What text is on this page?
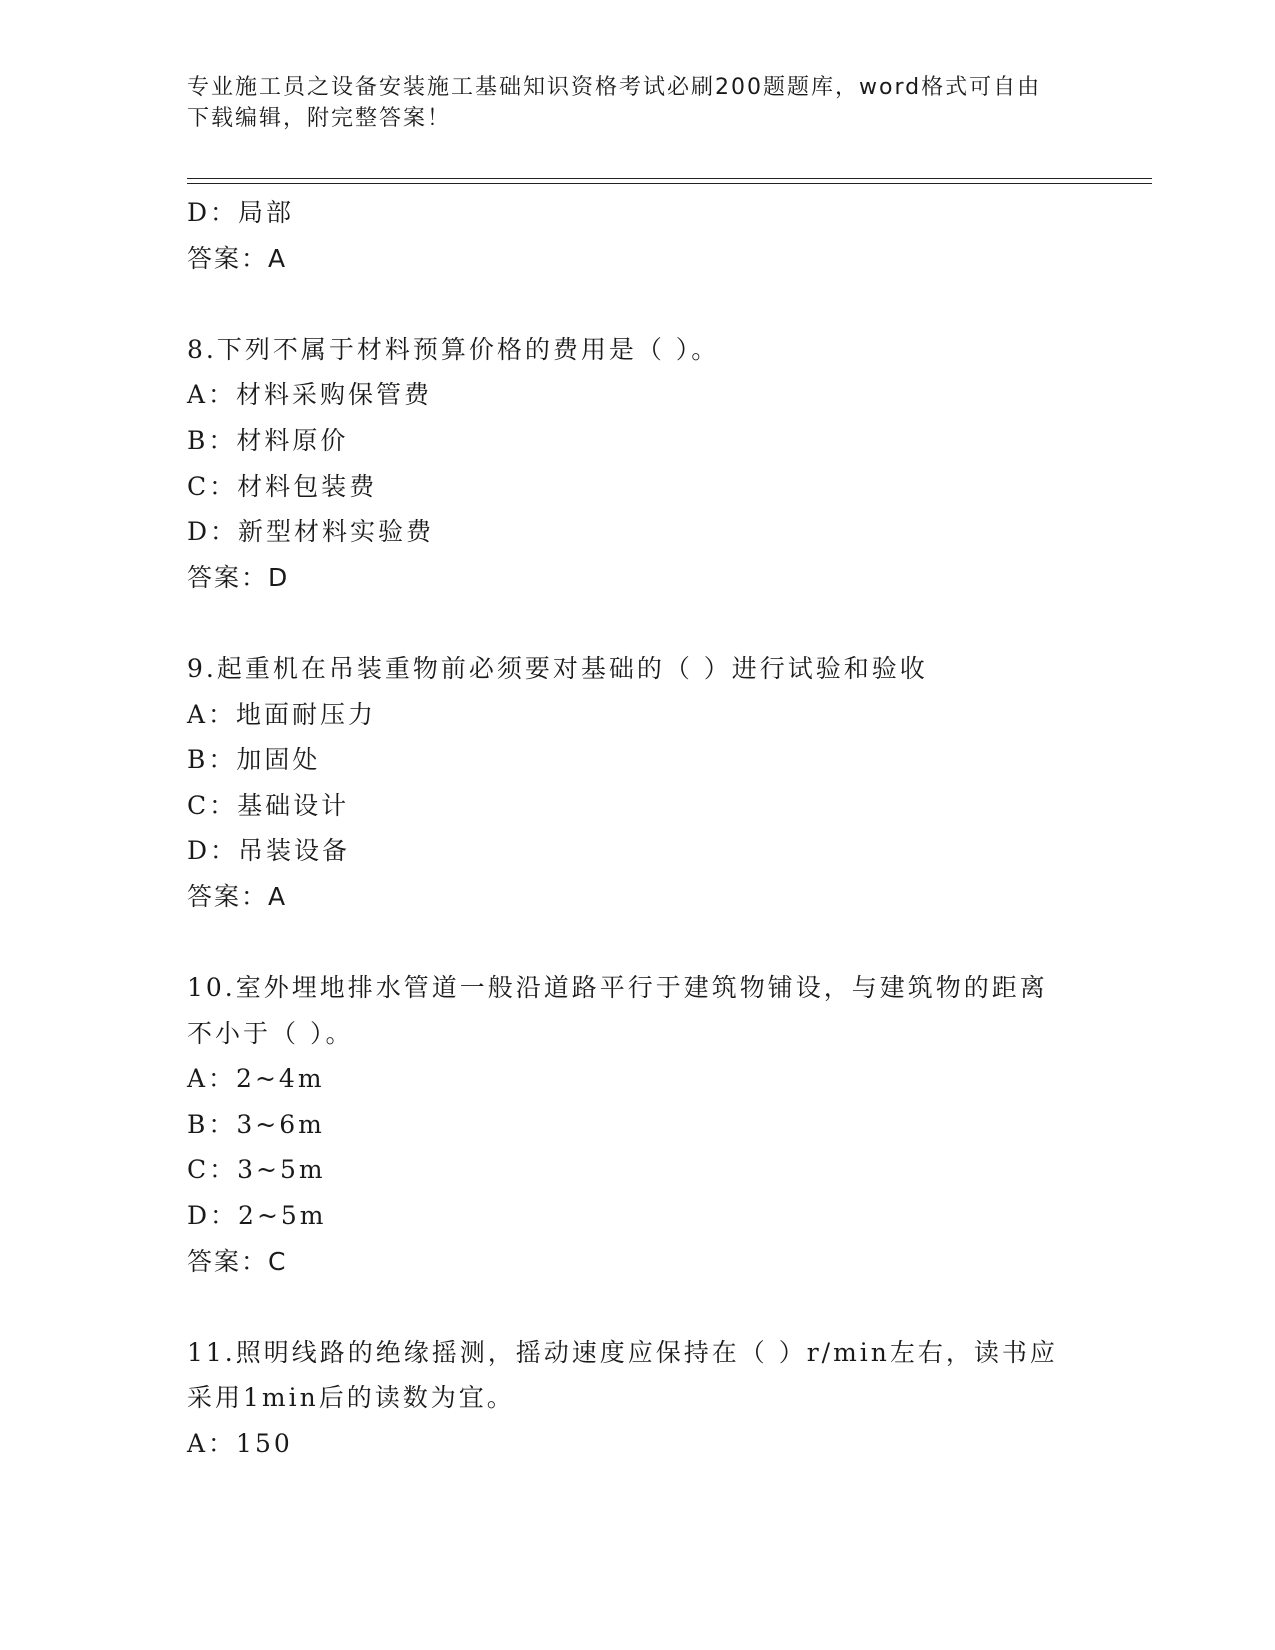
专业施工员之设备安装施工基础知识资格考试必刷200题题库，word格式可自由
下载编辑，附完整答案！
D：局部
答案：A
8.下列不属于材料预算价格的费用是（ ）。
A：材料采购保管费
B：材料原价
C：材料包装费
D：新型材料实验费
答案：D
9.起重机在吊装重物前必须要对基础的（ ）进行试验和验收
A：地面耐压力
B：加固处
C：基础设计
D：吊装设备
答案：A
10.室外埋地排水管道一般沿道路平行于建筑物铺设，与建筑物的距离
不小于（ ）。
A：2~4m
B：3~6m
C：3~5m
D：2~5m
答案：C
11.照明线路的绝缘摇测，摇动速度应保持在（ ）r/min左右，读书应
采用1min后的读数为宜。
A：150
